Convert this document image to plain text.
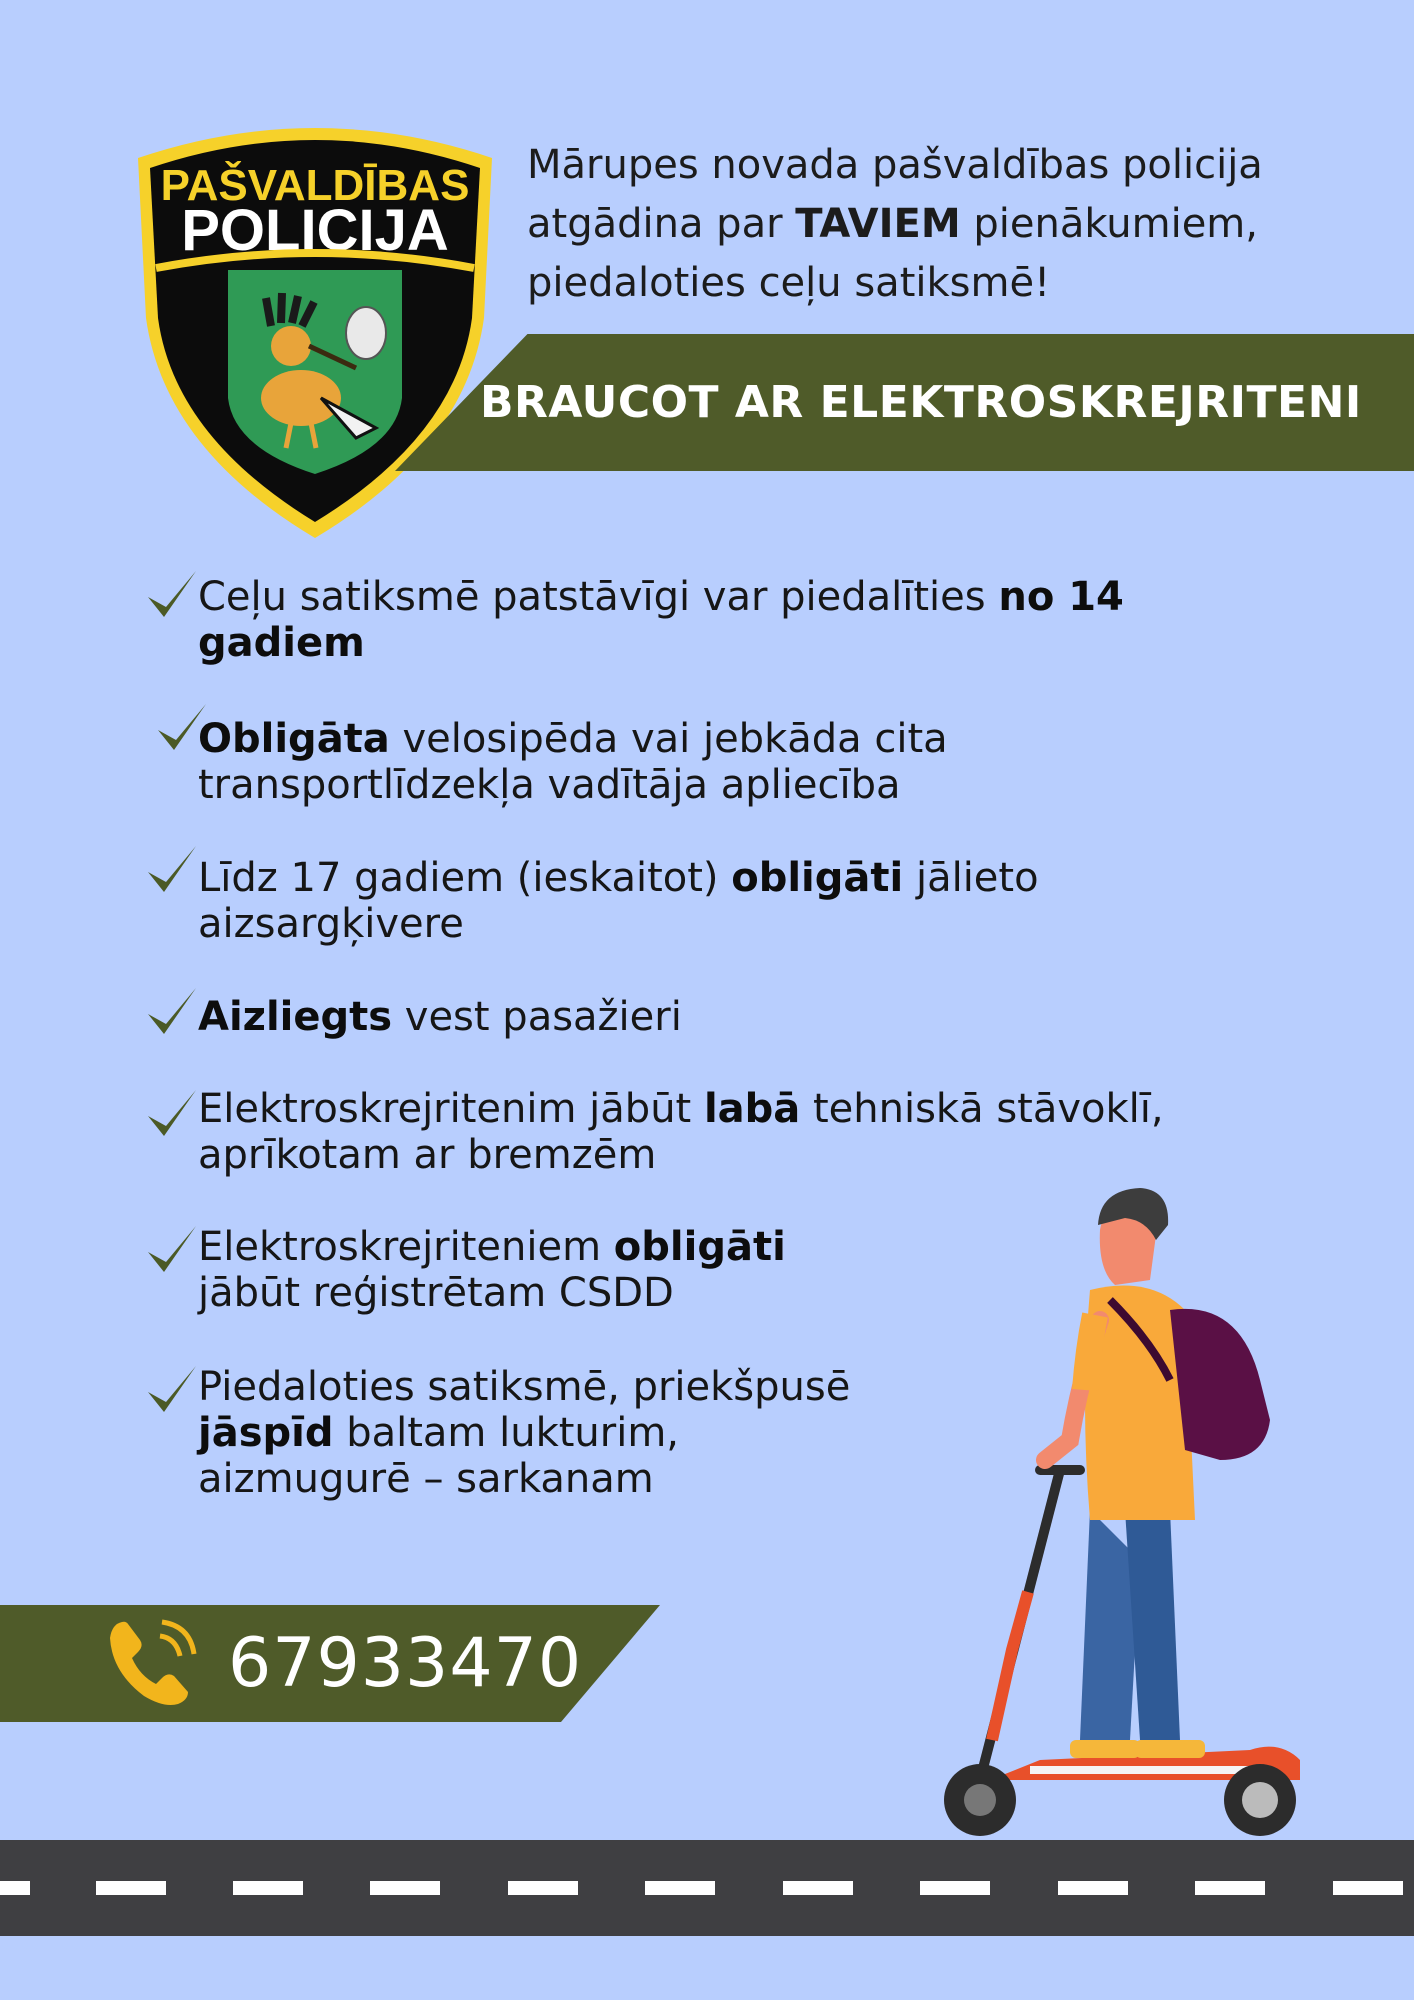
PAŠVALDĪBAS
POLICIJA
Mārupes novada pašvaldības policija
atgādina par TAVIEM pienākumiem,
piedaloties ceļu satiksmē!
BRAUCOT AR ELEKTROSKREJRITENI
Ceļu satiksmē patstāvīgi var piedalīties no 14
gadiem
Obligāta velosipēda vai jebkāda cita
transportlīdzekļa vadītāja apliecība
Līdz 17 gadiem (ieskaitot) obligāti jālieto
aizsargķivere
Aizliegts vest pasažieri
Elektroskrejritenim jābūt labā tehniskā stāvoklī,
aprīkotam ar bremzēm
Elektroskrejriteniem obligāti
jābūt reģistrētam CSDD
Piedaloties satiksmē, priekšpusē
jāspīd baltam lukturim,
aizmugurē – sarkanam
67933470
